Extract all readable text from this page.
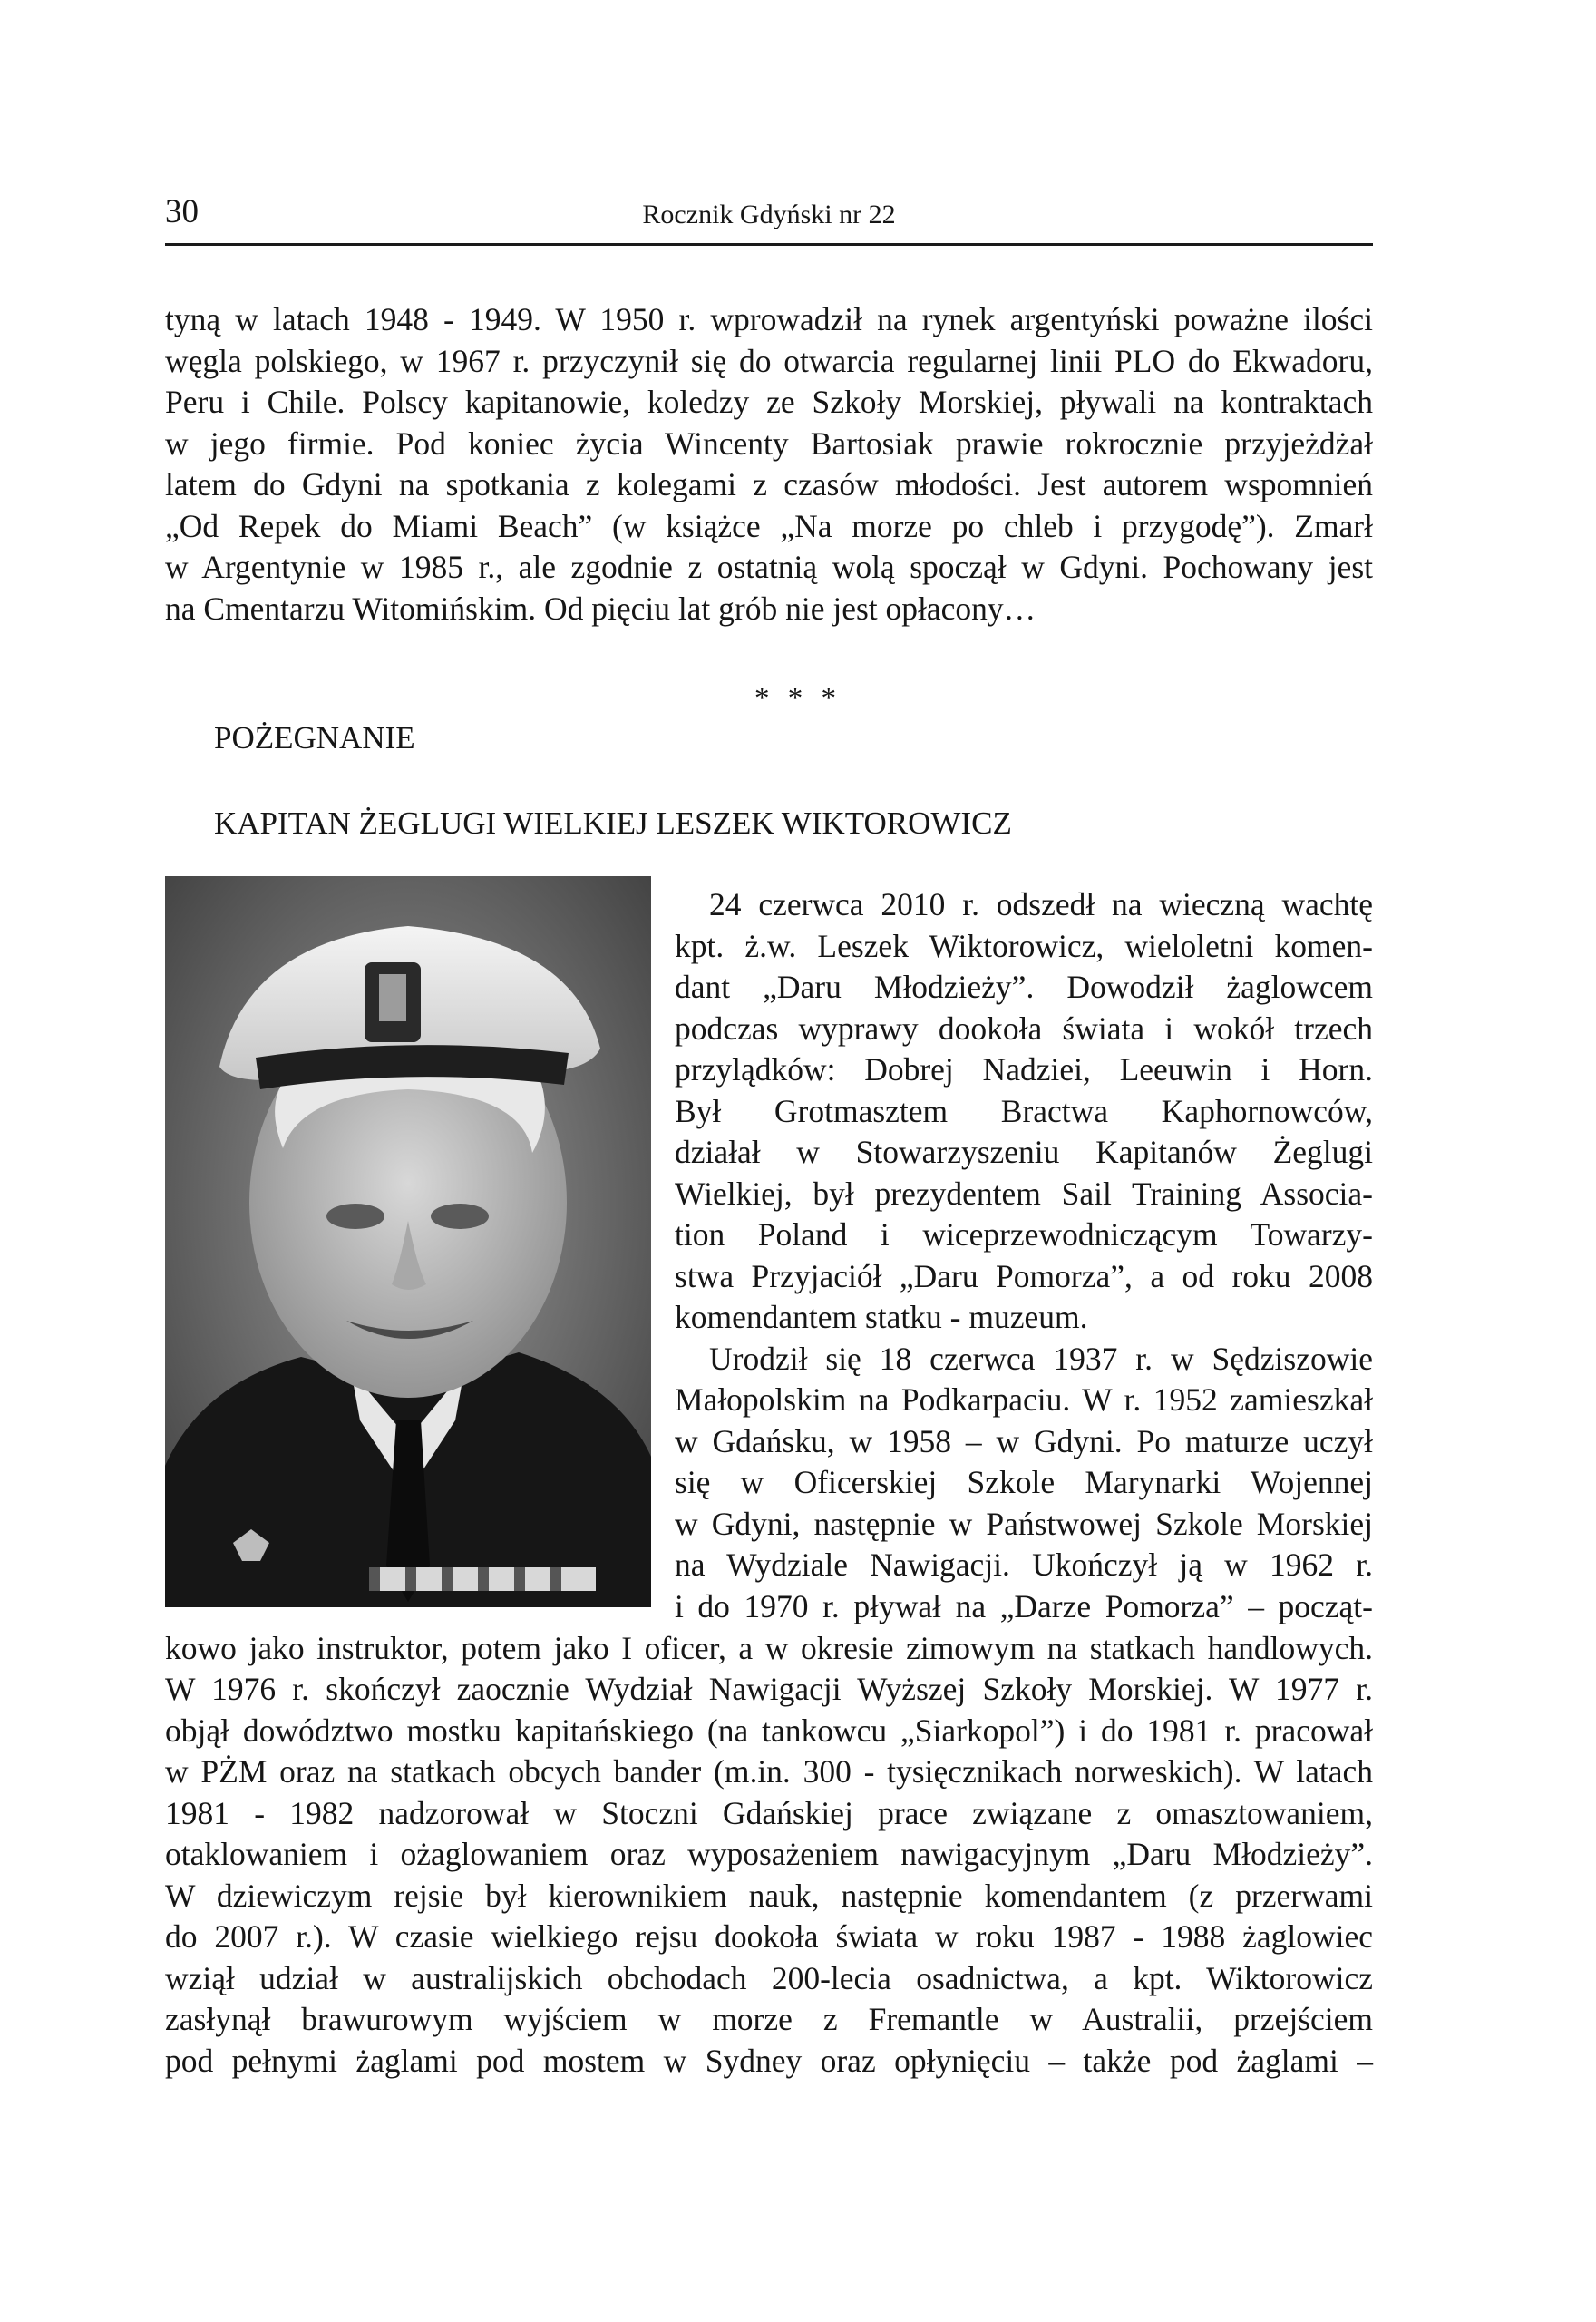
30	Rocznik Gdyński nr 22
tyną w latach 1948 - 1949. W 1950 r. wprowadził na rynek argentyński poważne ilości
węgla polskiego, w 1967 r. przyczynił się do otwarcia regularnej linii PLO do Ekwadoru,
Peru i Chile. Polscy kapitanowie, koledzy ze Szkoły Morskiej, pływali na kontraktach
w jego firmie. Pod koniec życia Wincenty Bartosiak prawie rokrocznie przyjeżdżał
latem do Gdyni na spotkania z kolegami z czasów młodości. Jest autorem wspomnień
„Od Repek do Miami Beach” (w książce „Na morze po chleb i przygodę”). Zmarł
w Argentynie w 1985 r., ale zgodnie z ostatnią wolą spoczął w Gdyni. Pochowany jest
na Cmentarzu Witomińskim. Od pięciu lat grób nie jest opłacony…
* * *
POŻEGNANIE
KAPITAN ŻEGLUGI WIELKIEJ LESZEK WIKTOROWICZ

24 czerwca 2010 r. odszedł na wieczną wachtę

kpt. ż.w. Leszek Wiktorowicz, wieloletni komen-

dant „Daru Młodzieży”. Dowodził żaglowcem

podczas wyprawy dookoła świata i wokół trzech

przylądków: Dobrej Nadziei, Leeuwin i Horn.

Był Grotmasztem Bractwa Kaphornowców,

działał w Stowarzyszeniu Kapitanów Żeglugi

Wielkiej, był prezydentem Sail Training Associa-

tion Poland i wiceprzewodniczącym Towarzy-

stwa Przyjaciół „Daru Pomorza”, a od roku 2008

komendantem statku - muzeum.

Urodził się 18 czerwca 1937 r. w Sędziszowie

Małopolskim na Podkarpaciu. W r. 1952 zamieszkał

w Gdańsku, w 1958 – w Gdyni. Po maturze uczył

się w Oficerskiej Szkole Marynarki Wojennej

w Gdyni, następnie w Państwowej Szkole Morskiej

na Wydziale Nawigacji. Ukończył ją w 1962 r.

i do 1970 r. pływał na „Darze Pomorza” – począt-

kowo jako instruktor, potem jako I oficer, a w okresie zimowym na statkach handlowych.

W 1976 r. skończył zaocznie Wydział Nawigacji Wyższej Szkoły Morskiej. W 1977 r.

objął dowództwo mostku kapitańskiego (na tankowcu „Siarkopol”) i do 1981 r. pracował

w PŻM oraz na statkach obcych bander (m.in. 300 - tysięcznikach norweskich). W latach

1981 - 1982 nadzorował w Stoczni Gdańskiej prace związane z omasztowaniem,

otaklowaniem i ożaglowaniem oraz wyposażeniem nawigacyjnym „Daru Młodzieży”.

W dziewiczym rejsie był kierownikiem nauk, następnie komendantem (z przerwami

do 2007 r.). W czasie wielkiego rejsu dookoła świata w roku 1987 - 1988 żaglowiec

wziął udział w australijskich obchodach 200-lecia osadnictwa, a kpt. Wiktorowicz

zasłynął brawurowym wyjściem w morze z Fremantle w Australii, przejściem

pod pełnymi żaglami pod mostem w Sydney oraz opłynięciu – także pod żaglami –
